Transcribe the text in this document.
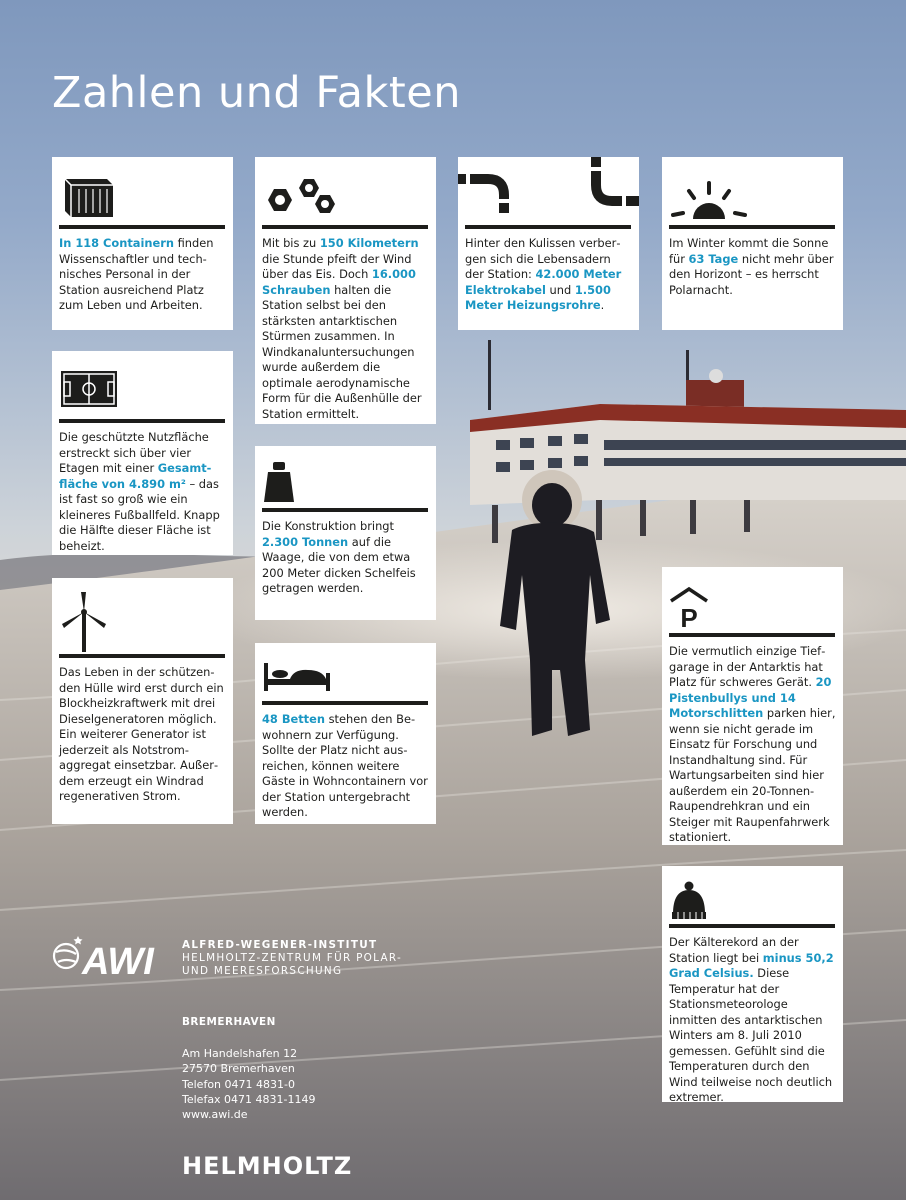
Zahlen und Fakten

In 118 Containern finden Wissenschaftler und technisches Personal in der Station ausreichend Platz zum Leben und Arbeiten.

Mit bis zu 150 Kilometern die Stunde pfeift der Wind über das Eis. Doch 16.000 Schrauben halten die Station selbst bei den stärksten antarktischen Stürmen zusammen. In Windkanaluntersuchungen wurde außerdem die optimale aerodynamische Form für die Außenhülle der Station ermittelt.

Hinter den Kulissen verbergen sich die Lebensadern der Station: 42.000 Meter Elektrokabel und 1.500 Meter Heizungsrohre.

Im Winter kommt die Sonne für 63 Tage nicht mehr über den Horizont – es herrscht Polarnacht.

Die geschützte Nutzfläche erstreckt sich über vier Etagen mit einer Gesamtfläche von 4.890 m² – das ist fast so groß wie ein kleineres Fußballfeld. Knapp die Hälfte dieser Fläche ist beheizt.

Die Konstruktion bringt 2.300 Tonnen auf die Waage, die von dem etwa 200 Meter dicken Schelfeis getragen werden.

Das Leben in der schützenden Hülle wird erst durch ein Blockheizkraftwerk mit drei Dieselgeneratoren möglich. Ein weiterer Generator ist jederzeit als Notstromaggregat einsetzbar. Außerdem erzeugt ein Windrad regenerativen Strom.

48 Betten stehen den Bewohnern zur Verfügung. Sollte der Platz nicht ausreichen, können weitere Gäste in Wohncontainern vor der Station untergebracht werden.

P

Die vermutlich einzige Tiefgarage in der Antarktis hat Platz für schweres Gerät. 20 Pistenbullys und 14 Motorschlitten parken hier, wenn sie nicht gerade im Einsatz für Forschung und Instandhaltung sind. Für Wartungsarbeiten sind hier außerdem ein 20-Tonnen-Raupendrehkran und ein Steiger mit Raupenfahrwerk stationiert.

Der Kälterekord an der Station liegt bei minus 50,2 Grad Celsius. Diese Temperatur hat der Stationsmeteorologe inmitten des antarktischen Winters am 8. Juli 2010 gemessen. Gefühlt sind die Temperaturen durch den Wind teilweise noch deutlich extremer.

AWI	ALFRED-WEGENER-INSTITUT
HELMHOLTZ-ZENTRUM FÜR POLAR-
UND MEERESFORSCHUNG
BREMERHAVEN
Am Handelshafen 12
27570 Bremerhaven
Telefon 0471 4831-0
Telefax 0471 4831-1149
www.awi.de
HELMHOLTZ
